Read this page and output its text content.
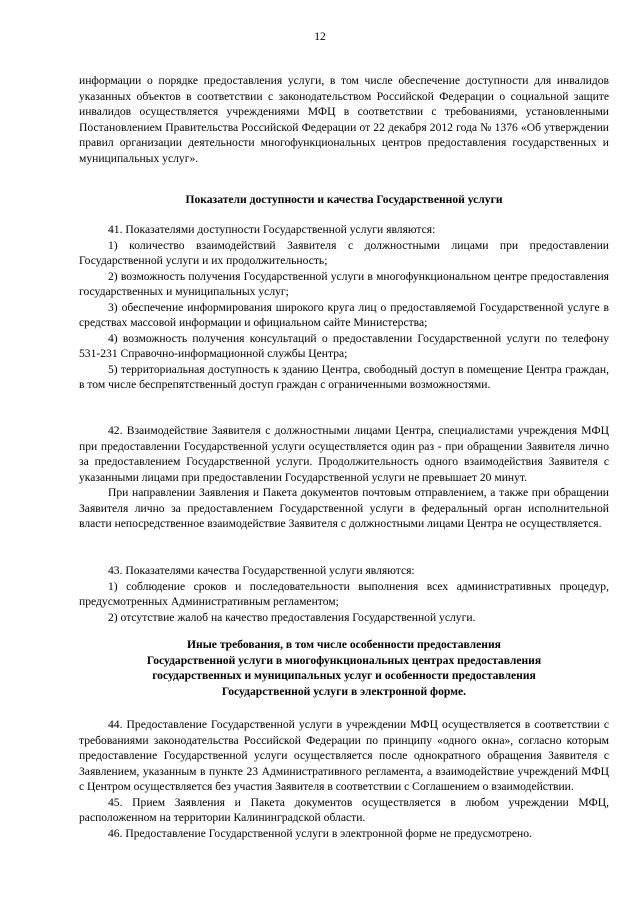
12

информации о порядке предоставления услуги, в том числе обеспечение доступности для инвалидов указанных объектов в соответствии с законодательством Российской Федерации о социальной защите инвалидов осуществляется учреждениями МФЦ в соответствии с требованиями, установленными Постановлением Правительства Российской Федерации от 22 декабря 2012 года № 1376 «Об утверждении правил организации деятельности многофункциональных центров предоставления государственных и муниципальных услуг».

Показатели доступности и качества Государственной услуги

41. Показателями доступности Государственной услуги являются:

1) количество взаимодействий Заявителя с должностными лицами при предоставлении Государственной услуги и их продолжительность;

2) возможность получения Государственной услуги в многофункциональном центре предоставления государственных и муниципальных услуг;

3) обеспечение информирования широкого круга лиц о предоставляемой Государственной услуге в средствах массовой информации и официальном сайте Министерства;

4) возможность получения консультаций о предоставлении Государственной услуги по телефону 531-231 Справочно-информационной службы Центра;

5) территориальная доступность к зданию Центра, свободный доступ в помещение Центра граждан, в том числе беспрепятственный доступ граждан с ограниченными возможностями.

42. Взаимодействие Заявителя с должностными лицами Центра, специалистами учреждения МФЦ при предоставлении Государственной услуги осуществляется один раз - при обращении Заявителя лично за предоставлением Государственной услуги. Продолжительность одного взаимодействия Заявителя с указанными лицами при предоставлении Государственной услуги не превышает 20 минут.

При направлении Заявления и Пакета документов почтовым отправлением, а также при обращении Заявителя лично за предоставлением Государственной услуги в федеральный орган исполнительной власти непосредственное взаимодействие Заявителя с должностными лицами Центра не осуществляется.

43. Показателями качества Государственной услуги являются:

1) соблюдение сроков и последовательности выполнения всех административных процедур, предусмотренных Административным регламентом;

2) отсутствие жалоб на качество предоставления Государственной услуги.

Иные требования, в том числе особенности предоставления

Государственной услуги в многофункциональных центрах предоставления

государственных и муниципальных услуг и особенности предоставления

Государственной услуги в электронной форме.

44. Предоставление Государственной услуги в учреждении МФЦ осуществляется в соответствии с требованиями законодательства Российской Федерации по принципу «одного окна», согласно которым предоставление Государственной услуги осуществляется после однократного обращения Заявителя с Заявлением, указанным в пункте 23 Административного регламента, а взаимодействие учреждений МФЦ с Центром осуществляется без участия Заявителя в соответствии с Соглашением о взаимодействии.

45. Прием Заявления и Пакета документов осуществляется в любом учреждении МФЦ, расположенном на территории Калининградской области.

46. Предоставление Государственной услуги в электронной форме не предусмотрено.
